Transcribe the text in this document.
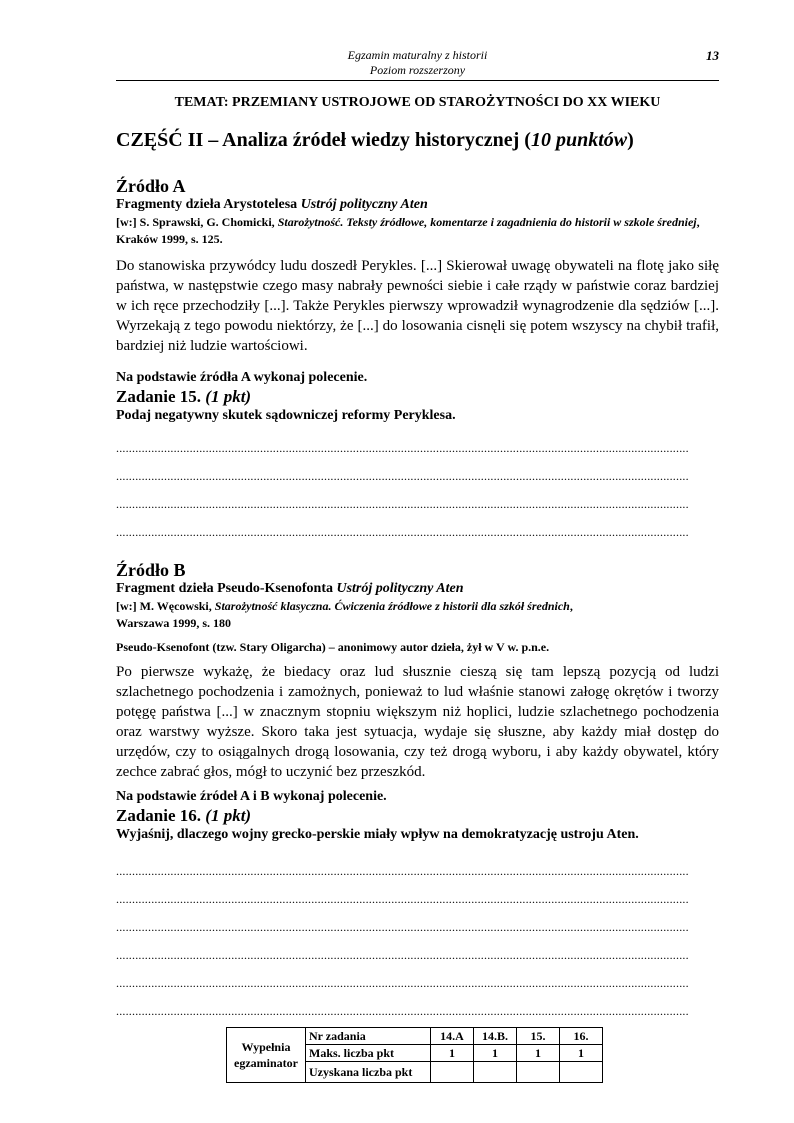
Egzamin maturalny z historii
Poziom rozszerzony
13
TEMAT: PRZEMIANY USTROJOWE OD STAROŻYTNOŚCI DO XX WIEKU
CZĘŚĆ II – Analiza źródeł wiedzy historycznej (10 punktów)
Źródło A
Fragmenty dzieła Arystotelesa Ustrój polityczny Aten
[w:] S. Sprawski, G. Chomicki, Starożytność. Teksty źródłowe, komentarze i zagadnienia do historii w szkole średniej, Kraków 1999, s. 125.
Do stanowiska przywódcy ludu doszedł Perykles. [...] Skierował uwagę obywateli na flotę jako siłę państwa, w następstwie czego masy nabrały pewności siebie i całe rządy w państwie coraz bardziej w ich ręce przechodziły [...]. Także Perykles pierwszy wprowadził wynagrodzenie dla sędziów [...]. Wyrzekają z tego powodu niektórzy, że [...] do losowania cisnęli się potem wszyscy na chybił trafił, bardziej niż ludzie wartościowi.
Na podstawie źródła A wykonaj polecenie.
Zadanie 15. (1 pkt)
Podaj negatywny skutek sądowniczej reformy Peryklesa.
...................................................................................................................................................................................
...................................................................................................................................................................................
...................................................................................................................................................................................
...................................................................................................................................................................................
Źródło B
Fragment dzieła Pseudo-Ksenofonta Ustrój polityczny Aten
[w:] M. Węcowski, Starożytność klasyczna. Ćwiczenia źródłowe z historii dla szkół średnich, Warszawa 1999, s. 180
Pseudo-Ksenofont (tzw. Stary Oligarcha) – anonimowy autor dzieła, żył w V w. p.n.e.
Po pierwsze wykażę, że biedacy oraz lud słusznie cieszą się tam lepszą pozycją od ludzi szlachetnego pochodzenia i zamożnych, ponieważ to lud właśnie stanowi załogę okrętów i tworzy potęgę państwa [...] w znacznym stopniu większym niż hoplici, ludzie szlachetnego pochodzenia oraz warstwy wyższe. Skoro taka jest sytuacja, wydaje się słuszne, aby każdy miał dostęp do urzędów, czy to osiągalnych drogą losowania, czy też drogą wyboru, i aby każdy obywatel, który zechce zabrać głos, mógł to uczynić bez przeszkód.
Na podstawie źródeł A i B wykonaj polecenie.
Zadanie 16. (1 pkt)
Wyjaśnij, dlaczego wojny grecko-perskie miały wpływ na demokratyzację ustroju Aten.
...................................................................................................................................................................................
...................................................................................................................................................................................
...................................................................................................................................................................................
...................................................................................................................................................................................
...................................................................................................................................................................................
...................................................................................................................................................................................
Wypełnia
egzaminator	Nr zadania	14.A	14.B.	15.	16.
	Maks. liczba pkt	1	1	1	1
	Uzyskana liczba pkt				
